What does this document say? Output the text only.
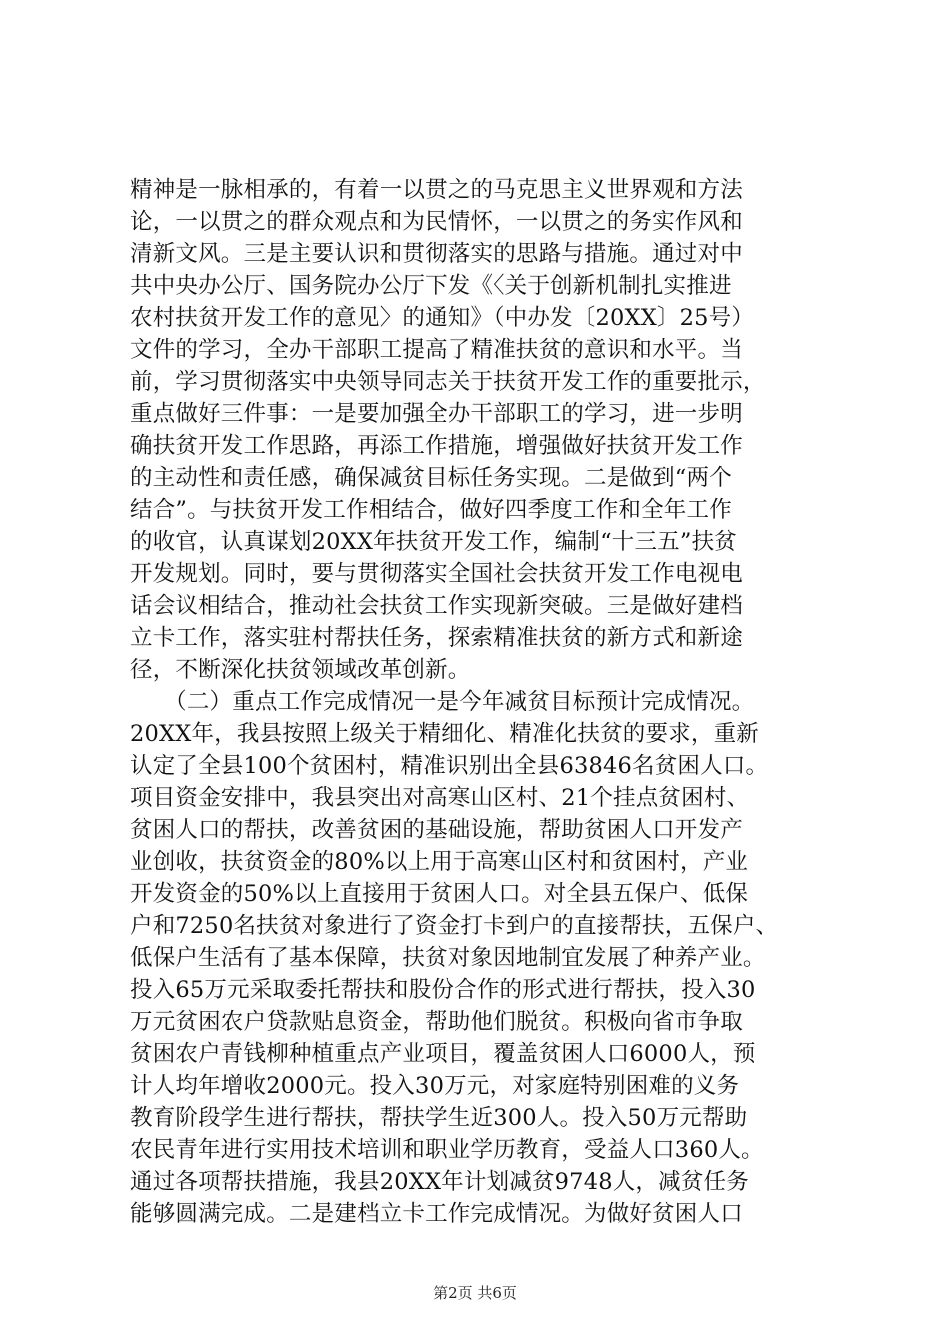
精神是一脉相承的，有着一以贯之的马克思主义世界观和方法
论，一以贯之的群众观点和为民情怀，一以贯之的务实作风和
清新文风。三是主要认识和贯彻落实的思路与措施。通过对中
共中央办公厅、国务院办公厅下发《〈关于创新机制扎实推进
农村扶贫开发工作的意见〉的通知》（中办发〔20XX〕25号）
文件的学习，全办干部职工提高了精准扶贫的意识和水平。当
前，学习贯彻落实中央领导同志关于扶贫开发工作的重要批示，
重点做好三件事：一是要加强全办干部职工的学习，进一步明
确扶贫开发工作思路，再添工作措施，增强做好扶贫开发工作
的主动性和责任感，确保减贫目标任务实现。二是做到“两个
结合”。与扶贫开发工作相结合，做好四季度工作和全年工作
的收官，认真谋划20XX年扶贫开发工作，编制“十三五”扶贫
开发规划。同时，要与贯彻落实全国社会扶贫开发工作电视电
话会议相结合，推动社会扶贫工作实现新突破。三是做好建档
立卡工作，落实驻村帮扶任务，探索精准扶贫的新方式和新途
径，不断深化扶贫领域改革创新。
　　（二）重点工作完成情况一是今年减贫目标预计完成情况。
20XX年，我县按照上级关于精细化、精准化扶贫的要求，重新
认定了全县100个贫困村，精准识别出全县63846名贫困人口。
项目资金安排中，我县突出对高寒山区村、21个挂点贫困村、
贫困人口的帮扶，改善贫困的基础设施，帮助贫困人口开发产
业创收，扶贫资金的80%以上用于高寒山区村和贫困村，产业
开发资金的50%以上直接用于贫困人口。对全县五保户、低保
户和7250名扶贫对象进行了资金打卡到户的直接帮扶，五保户、
低保户生活有了基本保障，扶贫对象因地制宜发展了种养产业。
投入65万元采取委托帮扶和股份合作的形式进行帮扶，投入30
万元贫困农户贷款贴息资金，帮助他们脱贫。积极向省市争取
贫困农户青钱柳种植重点产业项目，覆盖贫困人口6000人，预
计人均年增收2000元。投入30万元，对家庭特别困难的义务
教育阶段学生进行帮扶，帮扶学生近300人。投入50万元帮助
农民青年进行实用技术培训和职业学历教育，受益人口360人。
通过各项帮扶措施，我县20XX年计划减贫9748人，减贫任务
能够圆满完成。二是建档立卡工作完成情况。为做好贫困人口
第2页 共6页
